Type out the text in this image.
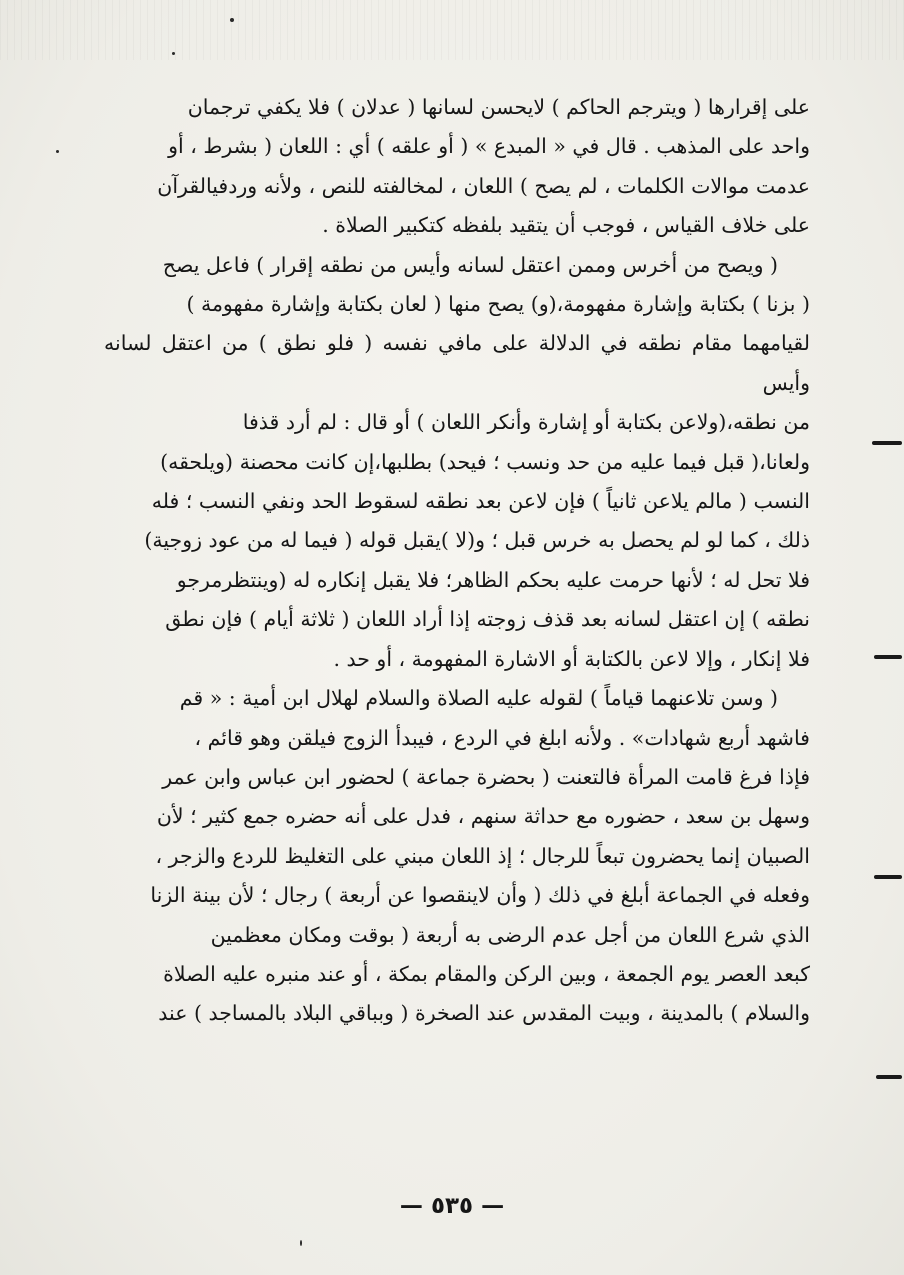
على إقرارها ( ويترجم الحاكم ) لايحسن لسانها ( عدلان ) فلا يكفي ترجمان

واحد على المذهب . قال في « المبدع » ( أو علقه ) أي : اللعان ( بشرط ، أو

عدمت موالات الكلمات ، لم يصح ) اللعان ، لمخالفته للنص ، ولأنه وردفيالقرآن

على خلاف القياس ، فوجب أن يتقيد بلفظه كتكبير الصلاة .

( ويصح من أخرس وممن اعتقل لسانه وأيس من نطقه إقرار ) فاعل يصح

( بزنا ) بكتابة وإشارة مفهومة،(و) يصح منها ( لعان بكتابة وإشارة مفهومة )

لقيامهما مقام نطقه في الدلالة على مافي نفسه ( فلو نطق ) من اعتقل لسانه وأيس

من نطقه،(ولاعن بكتابة أو إشارة وأنكر اللعان ) أو قال : لم أرد قذفا

ولعانا،( قبل فيما عليه من حد ونسب ؛ فيحد) بطلبها،إن كانت محصنة (ويلحقه)

النسب ( مالم يلاعن ثانياً ) فإن لاعن بعد نطقه لسقوط الحد ونفي النسب ؛ فله

ذلك ، كما لو لم يحصل به خرس قبل ؛ و(لا )يقبل قوله ( فيما له من عود زوجية)

فلا تحل له ؛ لأنها حرمت عليه بحكم الظاهر؛ فلا يقبل إنكاره له (وينتظرمرجو

نطقه ) إن اعتقل لسانه بعد قذف زوجته إذا أراد اللعان ( ثلاثة أيام ) فإن نطق

فلا إنكار ، وإلا لاعن بالكتابة أو الاشارة المفهومة ، أو حد .

( وسن تلاعنهما قياماً ) لقوله عليه الصلاة والسلام لهلال ابن أمية : « قم

فاشهد أربع شهادات» . ولأنه ابلغ في الردع ، فيبدأ الزوج فيلقن وهو قائم ،

فإذا فرغ قامت المرأة فالتعنت ( بحضرة جماعة ) لحضور ابن عباس وابن عمر

وسهل بن سعد ، حضوره مع حداثة سنهم ، فدل على أنه حضره جمع كثير ؛ لأن

الصبيان إنما يحضرون تبعاً للرجال ؛ إذ اللعان مبني على التغليظ للردع والزجر ،

وفعله في الجماعة أبلغ في ذلك ( وأن لاينقصوا عن أربعة ) رجال ؛ لأن بينة الزنا

الذي شرع اللعان من أجل عدم الرضى به أربعة ( بوقت ومكان معظمين

كبعد العصر يوم الجمعة ، وبين الركن والمقام بمكة ، أو عند منبره عليه الصلاة

والسلام ) بالمدينة ، وبيت المقدس عند الصخرة ( وبباقي البلاد بالمساجد ) عند

— ٥٣٥ —
